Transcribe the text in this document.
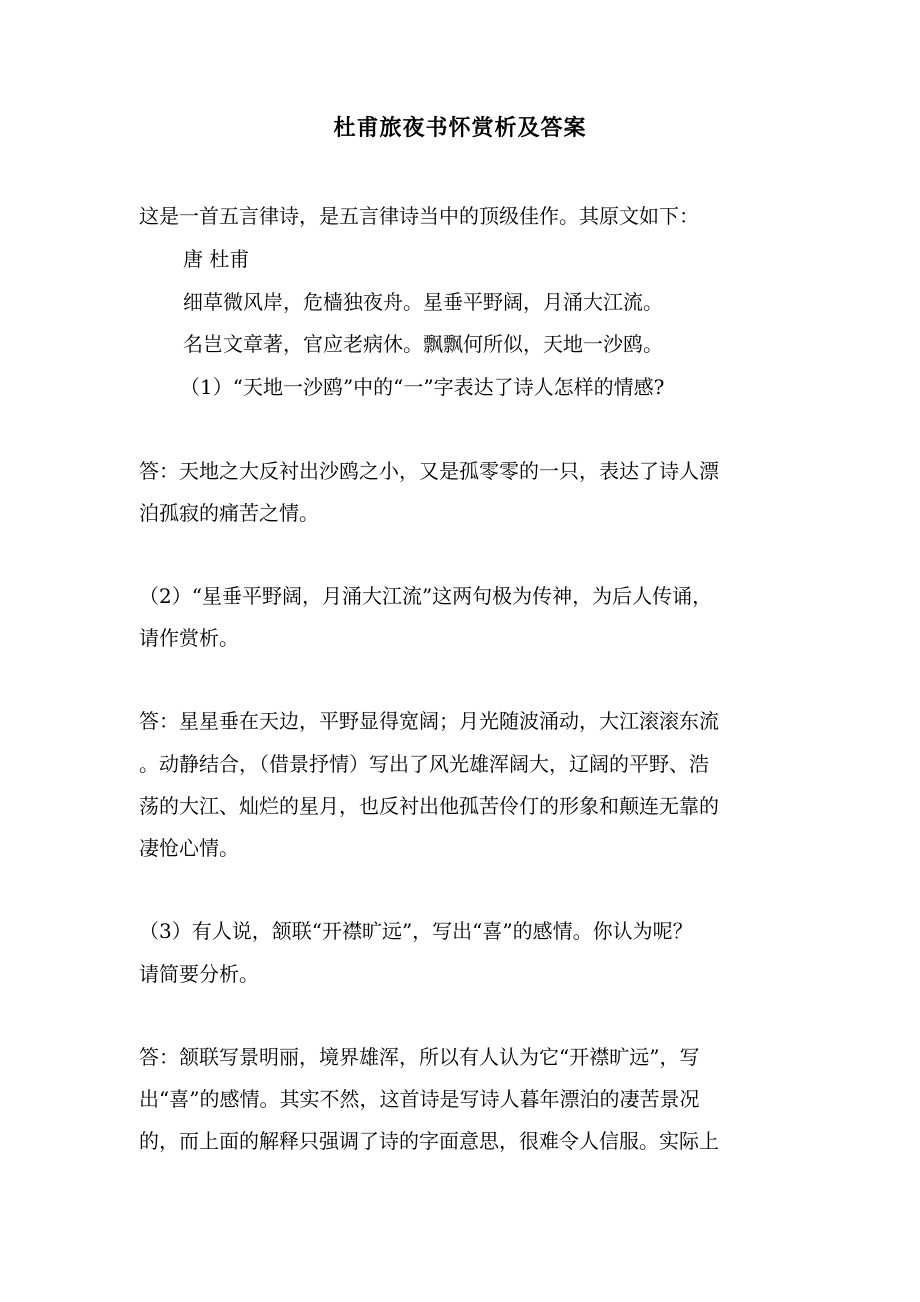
杜甫旅夜书怀赏析及答案
这是一首五言律诗，是五言律诗当中的顶级佳作。其原文如下：
唐 杜甫
细草微风岸，危樯独夜舟。星垂平野阔，月涌大江流。
名岂文章著，官应老病休。飘飘何所似，天地一沙鸥。
（1）“天地一沙鸥”中的“一”字表达了诗人怎样的情感?
答：天地之大反衬出沙鸥之小，又是孤零零的一只，表达了诗人漂
泊孤寂的痛苦之情。
（2）“星垂平野阔，月涌大江流”这两句极为传神，为后人传诵，
请作赏析。
答：星星垂在天边，平野显得宽阔；月光随波涌动，大江滚滚东流
。动静结合，（借景抒情）写出了风光雄浑阔大，辽阔的平野、浩
荡的大江、灿烂的星月，也反衬出他孤苦伶仃的形象和颠连无靠的
凄怆心情。
（3）有人说，颔联“开襟旷远”，写出“喜”的感情。你认为呢？
请简要分析。
答：颔联写景明丽，境界雄浑，所以有人认为它“开襟旷远”，写
出“喜”的感情。其实不然，这首诗是写诗人暮年漂泊的凄苦景况
的，而上面的解释只强调了诗的字面意思，很难令人信服。实际上
